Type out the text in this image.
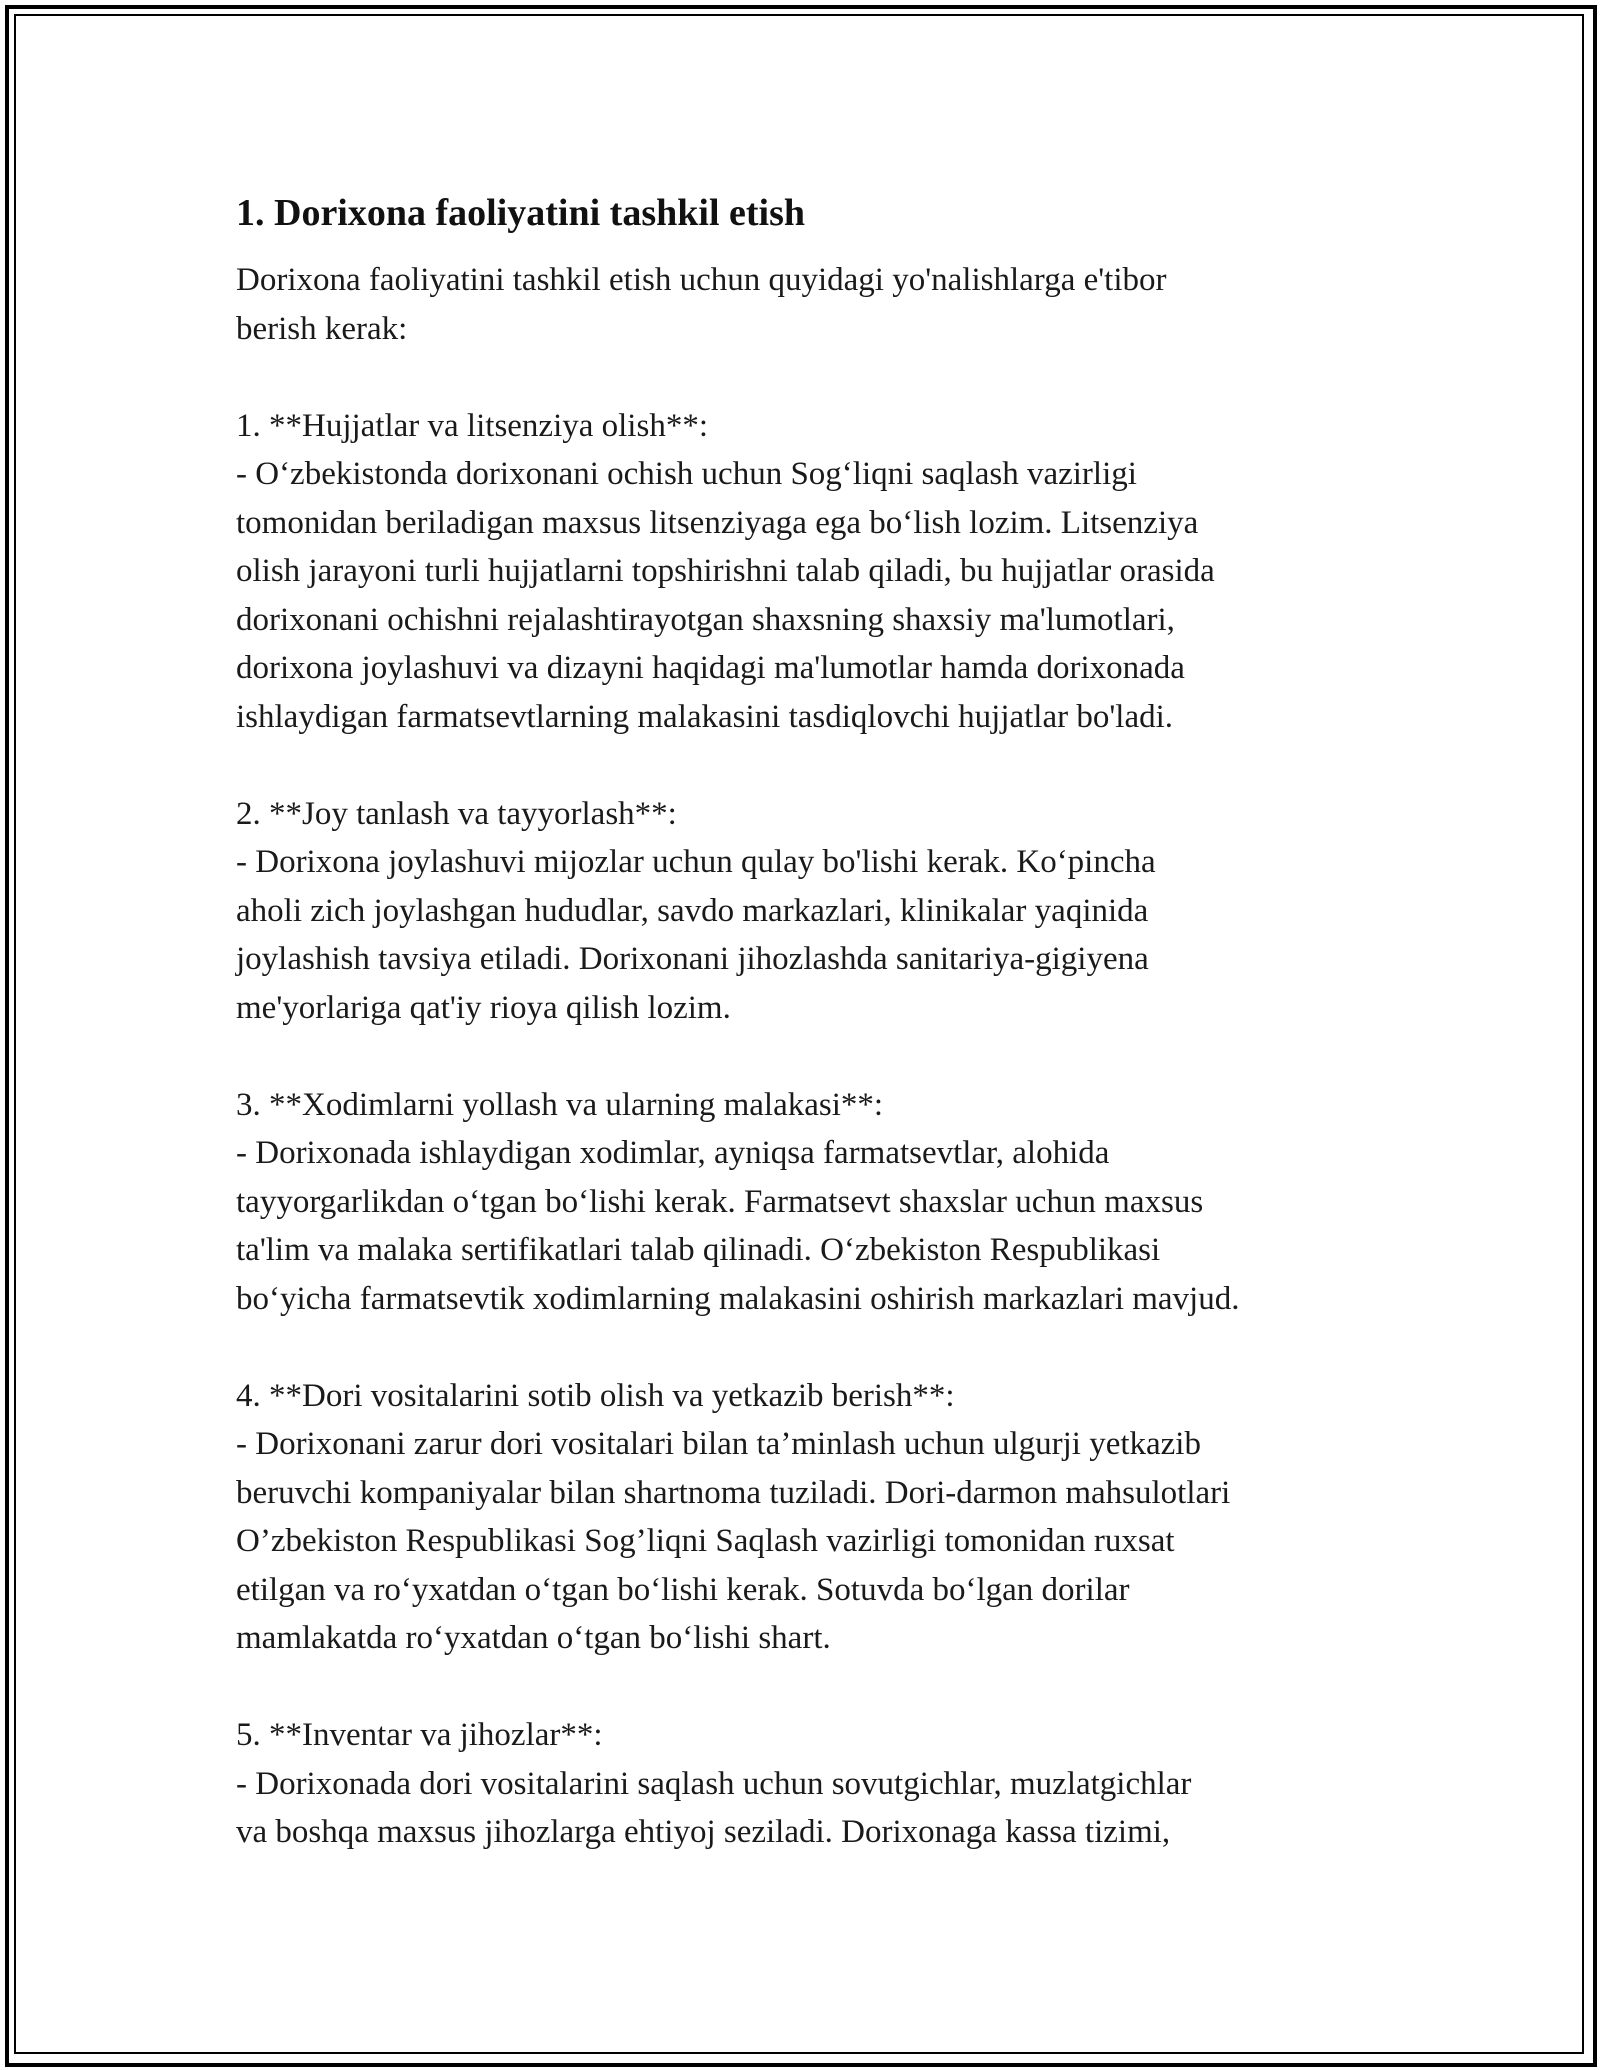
1. Dorixona faoliyatini tashkil etish

Dorixona faoliyatini tashkil etish uchun quyidagi yo'nalishlarga e'tibor
berish kerak:

1. **Hujjatlar va litsenziya olish**:

- O‘zbekistonda dorixonani ochish uchun Sog‘liqni saqlash vazirligi
tomonidan beriladigan maxsus litsenziyaga ega bo‘lish lozim. Litsenziya
olish jarayoni turli hujjatlarni topshirishni talab qiladi, bu hujjatlar orasida
dorixonani ochishni rejalashtirayotgan shaxsning shaxsiy ma'lumotlari,
dorixona joylashuvi va dizayni haqidagi ma'lumotlar hamda dorixonada
ishlaydigan farmatsevtlarning malakasini tasdiqlovchi hujjatlar bo'ladi.

2. **Joy tanlash va tayyorlash**:

- Dorixona joylashuvi mijozlar uchun qulay bo'lishi kerak. Ko‘pincha
aholi zich joylashgan hududlar, savdo markazlari, klinikalar yaqinida
joylashish tavsiya etiladi. Dorixonani jihozlashda sanitariya-gigiyena
me'yorlariga qat'iy rioya qilish lozim.

3. **Xodimlarni yollash va ularning malakasi**:

- Dorixonada ishlaydigan xodimlar, ayniqsa farmatsevtlar, alohida
tayyorgarlikdan o‘tgan bo‘lishi kerak. Farmatsevt shaxslar uchun maxsus
ta'lim va malaka sertifikatlari talab qilinadi. O‘zbekiston Respublikasi
bo‘yicha farmatsevtik xodimlarning malakasini oshirish markazlari mavjud.

4. **Dori vositalarini sotib olish va yetkazib berish**:

- Dorixonani zarur dori vositalari bilan ta’minlash uchun ulgurji yetkazib
beruvchi kompaniyalar bilan shartnoma tuziladi. Dori-darmon mahsulotlari
O’zbekiston Respublikasi Sog’liqni Saqlash vazirligi tomonidan ruxsat
etilgan va ro‘yxatdan o‘tgan bo‘lishi kerak. Sotuvda bo‘lgan dorilar
mamlakatda ro‘yxatdan o‘tgan bo‘lishi shart.

5. **Inventar va jihozlar**:

- Dorixonada dori vositalarini saqlash uchun sovutgichlar, muzlatgichlar
va boshqa maxsus jihozlarga ehtiyoj seziladi. Dorixonaga kassa tizimi,
